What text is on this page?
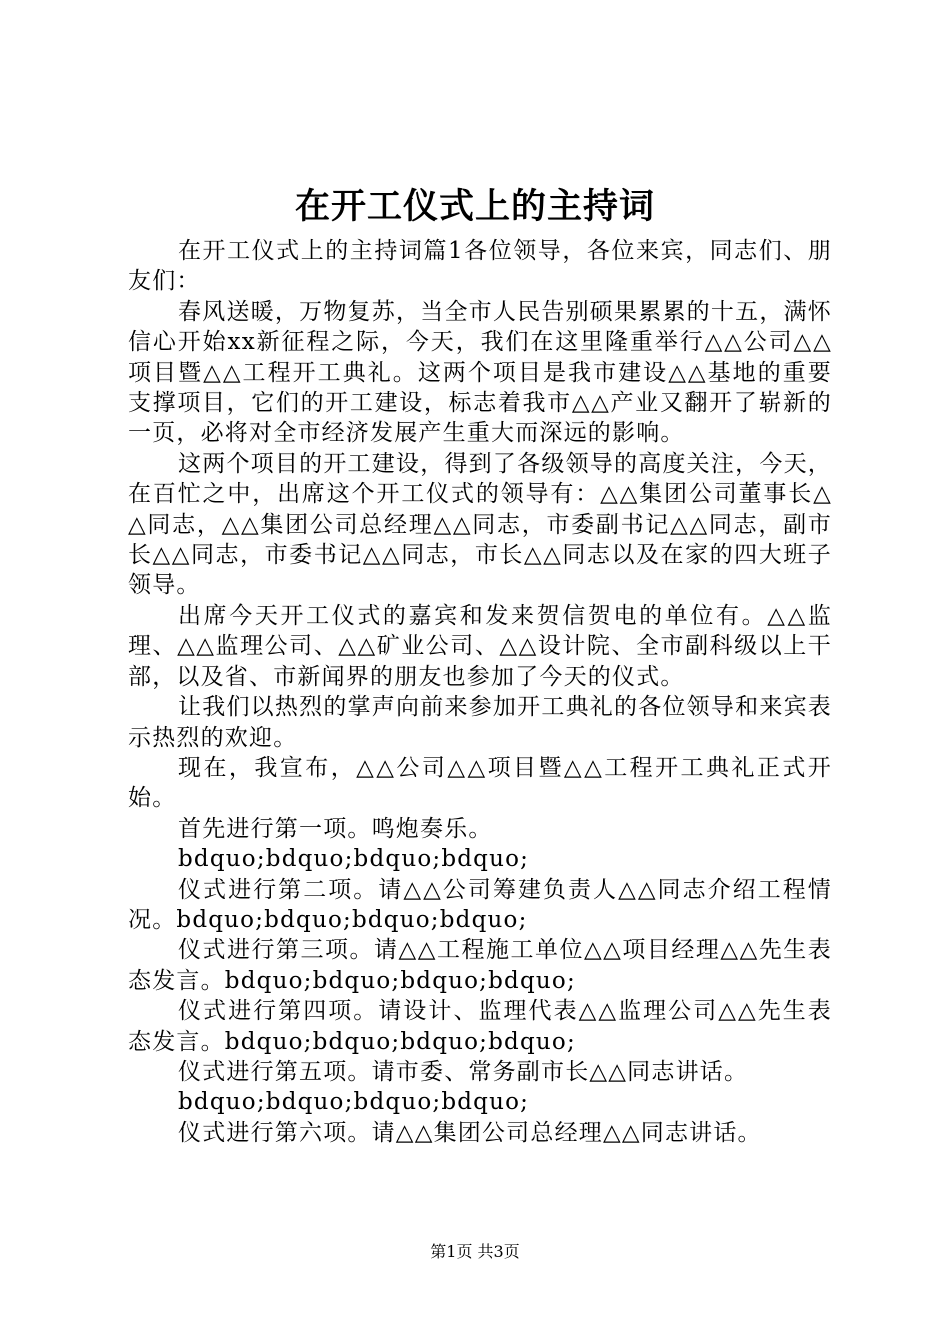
在开工仪式上的主持词

在开工仪式上的主持词篇1各位领导，各位来宾，同志们、朋友们：

春风送暖，万物复苏，当全市人民告别硕果累累的十五，满怀信心开始xx新征程之际，今天，我们在这里隆重举行△△公司△△项目暨△△工程开工典礼。这两个项目是我市建设△△基地的重要支撑项目，它们的开工建设，标志着我市△△产业又翻开了崭新的一页，必将对全市经济发展产生重大而深远的影响。

这两个项目的开工建设，得到了各级领导的高度关注，今天，在百忙之中，出席这个开工仪式的领导有：△△集团公司董事长△△同志，△△集团公司总经理△△同志，市委副书记△△同志，副市长△△同志，市委书记△△同志，市长△△同志以及在家的四大班子领导。

出席今天开工仪式的嘉宾和发来贺信贺电的单位有。△△监理、△△监理公司、△△矿业公司、△△设计院、全市副科级以上干部，以及省、市新闻界的朋友也参加了今天的仪式。

让我们以热烈的掌声向前来参加开工典礼的各位领导和来宾表示热烈的欢迎。

现在，我宣布，△△公司△△项目暨△△工程开工典礼正式开始。

首先进行第一项。鸣炮奏乐。

bdquo;bdquo;bdquo;bdquo;

仪式进行第二项。请△△公司筹建负责人△△同志介绍工程情况。bdquo;bdquo;bdquo;bdquo;

仪式进行第三项。请△△工程施工单位△△项目经理△△先生表态发言。bdquo;bdquo;bdquo;bdquo;

仪式进行第四项。请设计、监理代表△△监理公司△△先生表态发言。bdquo;bdquo;bdquo;bdquo;

仪式进行第五项。请市委、常务副市长△△同志讲话。

bdquo;bdquo;bdquo;bdquo;

仪式进行第六项。请△△集团公司总经理△△同志讲话。

第1页 共3页
